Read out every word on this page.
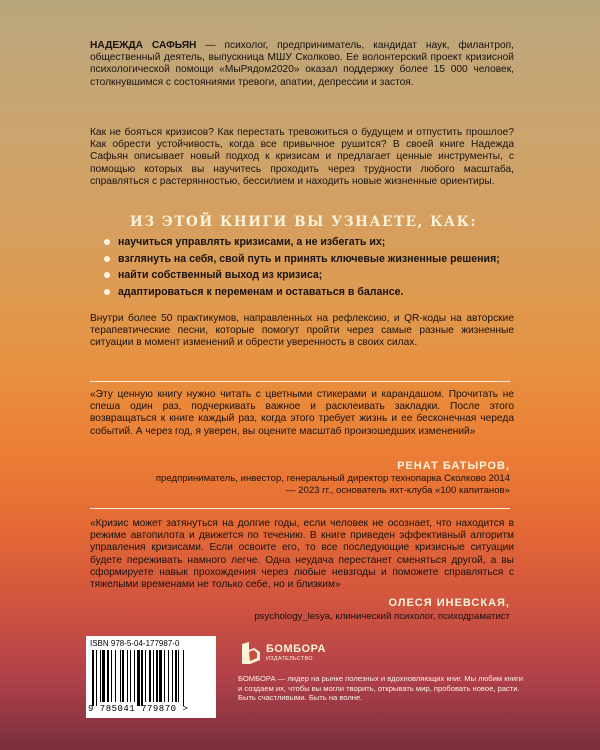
НАДЕЖДА САФЬЯН — психолог, предприниматель, кандидат наук, филантроп, общественный деятель, выпускница МШУ Сколково. Ее волонтерский проект кризисной психологической помощи «МыРядом2020» оказал поддержку более 15 000 человек, столкнувшимся с состояниями тревоги, апатии, депрессии и застоя.

Как не бояться кризисов? Как перестать тревожиться о будущем и отпустить прошлое? Как обрести устойчивость, когда все привычное рушится? В своей книге Надежда Сафьян описывает новый подход к кризисам и предлагает ценные инструменты, с помощью которых вы научитесь проходить через трудности любого масштаба, справляться с растерянностью, бессилием и находить новые жизненные ориентиры.

ИЗ ЭТОЙ КНИГИ ВЫ УЗНАЕТЕ, КАК:
научиться управлять кризисами, а не избегать их;
взглянуть на себя, свой путь и принять ключевые жизненные решения;
найти собственный выход из кризиса;
адаптироваться к переменам и оставаться в балансе.

Внутри более 50 практикумов, направленных на рефлексию, и QR-коды на авторские терапевтические песни, которые помогут пройти через самые разные жизненные ситуации в момент изменений и обрести уверенность в своих силах.

«Эту ценную книгу нужно читать с цветными стикерами и карандашом. Прочитать не спеша один раз, подчеркивать важное и расклеивать закладки. После этого возвращаться к книге каждый раз, когда этого требует жизнь и ее бесконечная череда событий. А через год, я уверен, вы оцените масштаб произошедших изменений»

РЕНАТ БАТЫРОВ,
предприниматель, инвестор, генеральный директор технопарка Сколково 2014 — 2023 гг., основатель яхт-клуба «100 капитанов»

«Кризис может затянуться на долгие годы, если человек не осознает, что находится в режиме автопилота и движется по течению. В книге приведен эффективный алгоритм управления кризисами. Если освоите его, то все последующие кризисные ситуации будете переживать намного легче. Одна неудача перестанет сменяться другой, а вы сформируете навык прохождения через любые невзгоды и поможете справляться с тяжелыми временами не только себе, но и близким»

ОЛЕСЯ ИНЕВСКАЯ,
psychology_lesya, клинический психолог, психодраматист
ISBN 978-5-04-177987-0
9 785041 779870 >
БОМБОРА
ИЗДАТЕЛЬСТВО
БОМБОРА — лидер на рынке полезных и вдохновляющих книг. Мы любим книги и создаем их, чтобы вы могли творить, открывать мир, пробовать новое, расти. Быть счастливыми. Быть на волне.
